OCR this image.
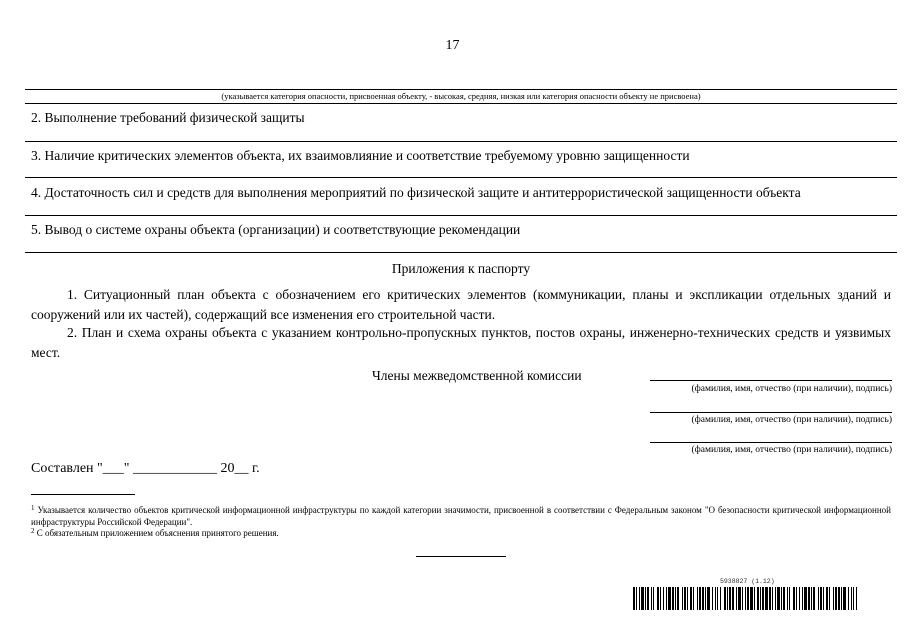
17
(указывается категория опасности, присвоенная объекту, - высокая, средняя, низкая или категория опасности объекту не присвоена)
2. Выполнение требований физической защиты
3. Наличие критических элементов объекта, их взаимовлияние и соответствие требуемому уровню защищенности
4. Достаточность сил и средств для выполнения мероприятий по физической защите и антитеррористической защищенности объекта
5. Вывод о системе охраны объекта (организации) и соответствующие рекомендации
Приложения к паспорту
1. Ситуационный план объекта с обозначением его критических элементов (коммуникации, планы и экспликации отдельных зданий и сооружений или их частей), содержащий все изменения его строительной части.
2. План и схема охраны объекта с указанием контрольно-пропускных пунктов, постов охраны, инженерно-технических средств и уязвимых мест.
Члены межведомственной комиссии
(фамилия, имя, отчество (при наличии), подпись)
(фамилия, имя, отчество (при наличии), подпись)
(фамилия, имя, отчество (при наличии), подпись)
Составлен "___" ____________ 20__ г.
$^1$ Указывается количество объектов критической информационной инфраструктуры по каждой категории значимости, присвоенной в соответствии с Федеральным законом "О безопасности критической информационной инфраструктуры Российской Федерации".
$^2$ С обязательным приложением объяснения принятого решения.
5938827 (1.12)
